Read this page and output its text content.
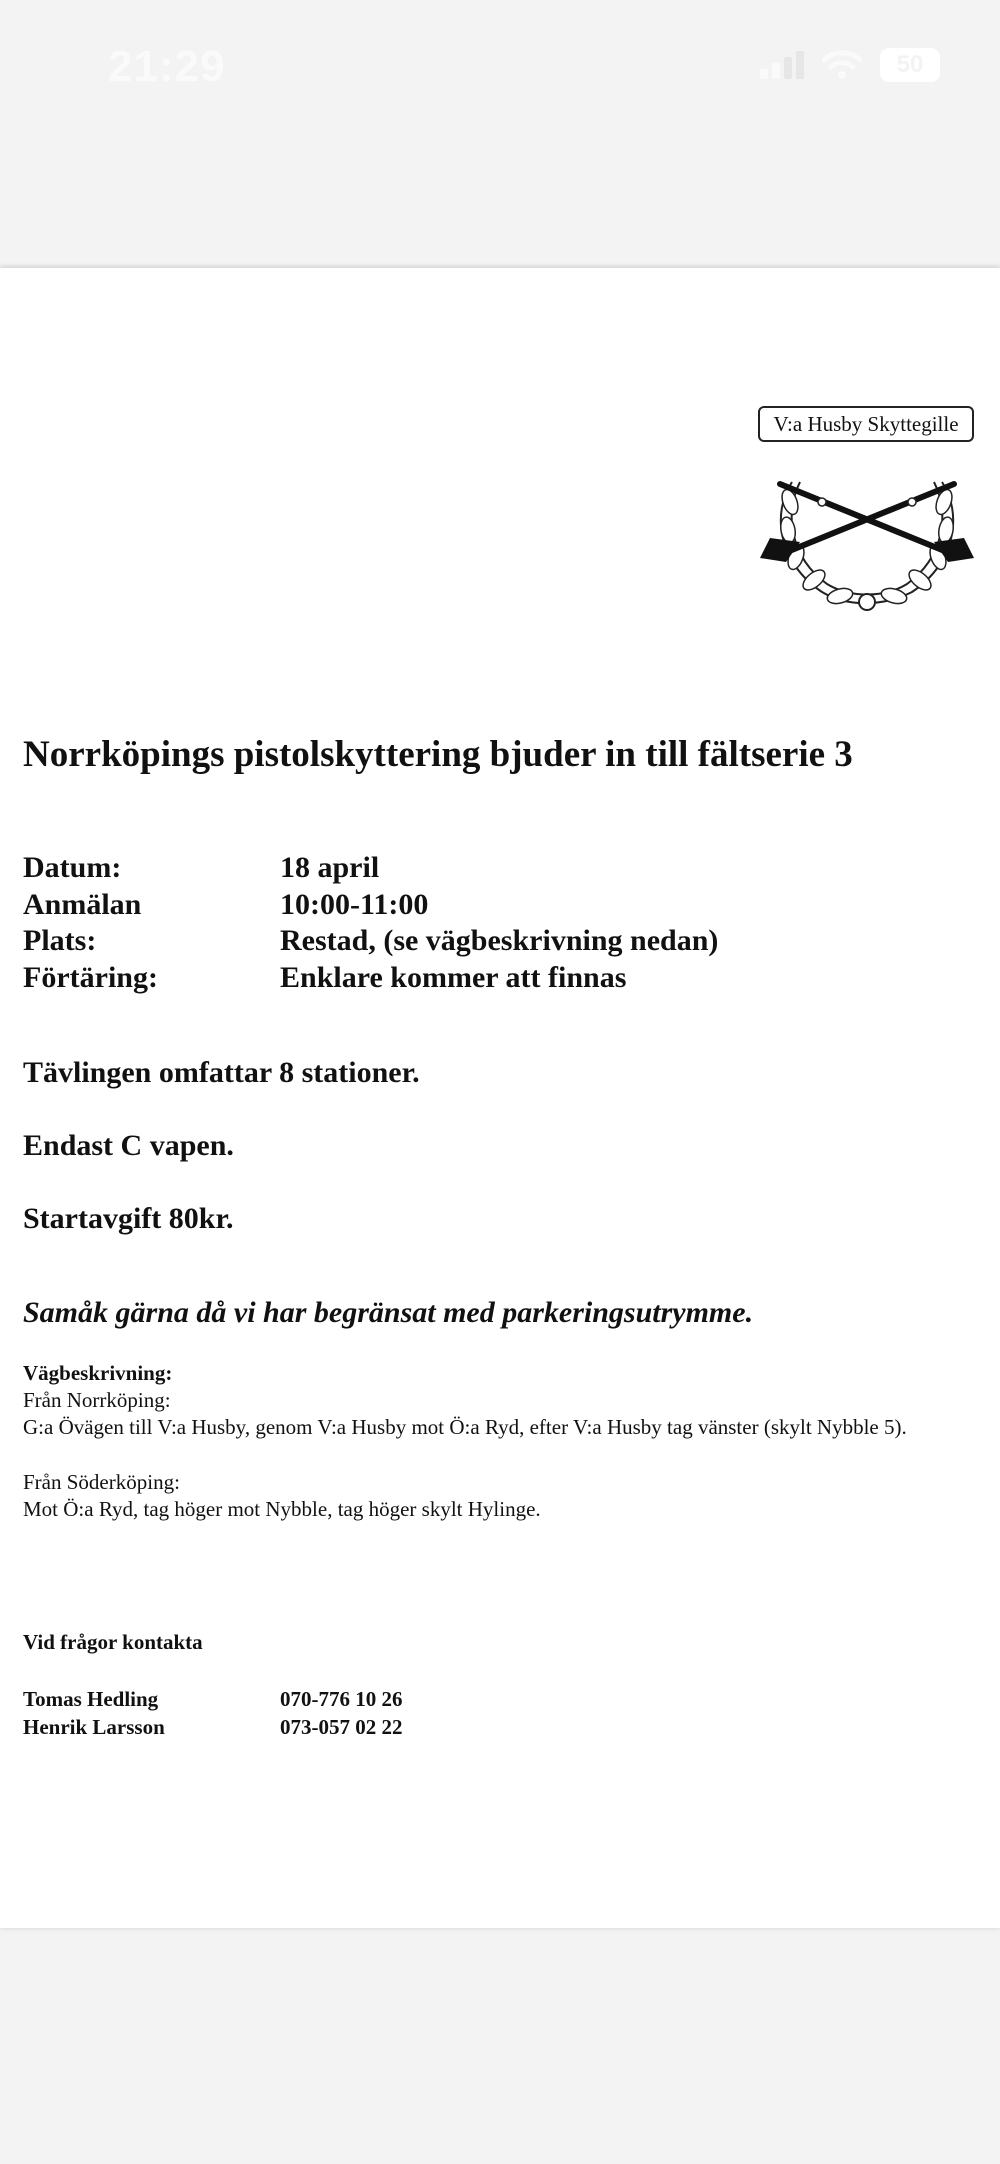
21:29	50
V:a Husby Skyttegille
Norrköpings pistolskyttering bjuder in till fältserie 3
Datum:	18 april
Anmälan	10:00-11:00
Plats:	Restad, (se vägbeskrivning nedan)
Förtäring:	Enklare kommer att finnas

Tävlingen omfattar 8 stationer.

Endast C vapen.

Startavgift 80kr.

Samåk gärna då vi har begränsat med parkeringsutrymme.

Vägbeskrivning:
Från Norrköping:
G:a Övägen till V:a Husby, genom V:a Husby mot Ö:a Ryd, efter V:a Husby tag vänster (skylt Nybble 5).
Från Söderköping:
Mot Ö:a Ryd, tag höger mot Nybble, tag höger skylt Hylinge.
Vid frågor kontakta
Tomas Hedling	070-776 10 26
Henrik Larsson	073-057 02 22
